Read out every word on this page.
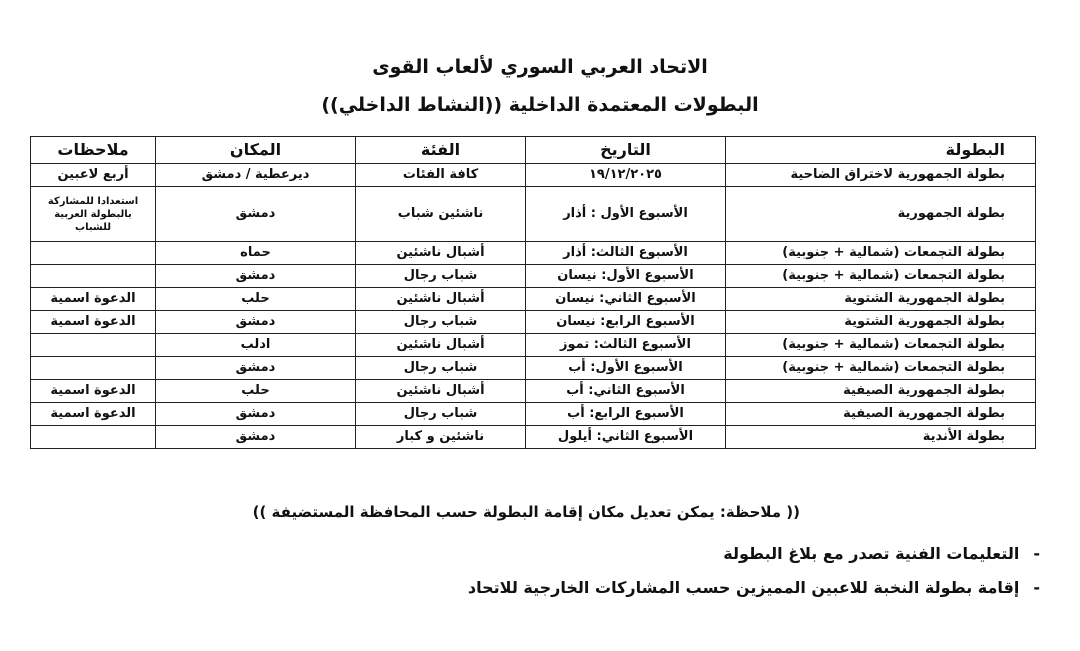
الاتحاد العربي السوري لألعاب القوى
البطولات المعتمدة الداخلية ((النشاط الداخلي))
البطولة	التاريخ	الفئة	المكان	ملاحظات
بطولة الجمهورية لاختراق الضاحية	١٩/١٢/٢٠٢٥	كافة الفئات	ديرعطية / دمشق	أربع لاعبين
بطولة الجمهورية	الأسبوع الأول : أذار	ناشئين شباب	دمشق	استعدادا للمشاركة بالبطولة العربية للشباب
بطولة التجمعات (شمالية + جنوبية)	الأسبوع الثالث: أذار	أشبال ناشئين	حماه	
بطولة التجمعات (شمالية + جنوبية)	الأسبوع الأول: نيسان	شباب رجال	دمشق	
بطولة الجمهورية الشتوية	الأسبوع الثاني: نيسان	أشبال ناشئين	حلب	الدعوة اسمية
بطولة الجمهورية الشتوية	الأسبوع الرابع: نيسان	شباب رجال	دمشق	الدعوة اسمية
بطولة التجمعات (شمالية + جنوبية)	الأسبوع الثالث: تموز	أشبال ناشئين	ادلب	
بطولة التجمعات (شمالية + جنوبية)	الأسبوع الأول: أب	شباب رجال	دمشق	
بطولة الجمهورية الصيفية	الأسبوع الثاني: أب	أشبال ناشئين	حلب	الدعوة اسمية
بطولة الجمهورية الصيفية	الأسبوع الرابع: أب	شباب رجال	دمشق	الدعوة اسمية
بطولة الأندية	الأسبوع الثاني: أيلول	ناشئين و كبار	دمشق	
(( ملاحظة: يمكن تعديل مكان إقامة البطولة حسب المحافظة المستضيفة ))
-التعليمات الفنية تصدر مع بلاغ البطولة
-إقامة بطولة النخبة للاعبين المميزين حسب المشاركات الخارجية للاتحاد
